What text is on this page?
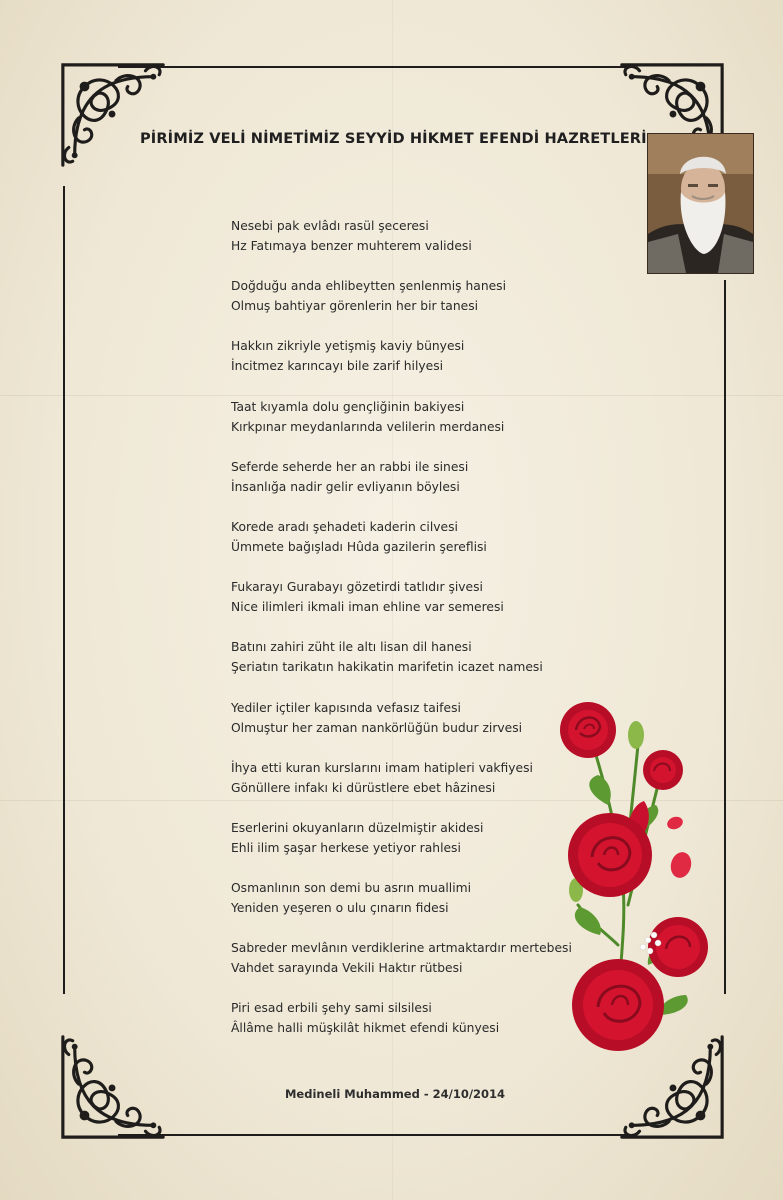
PİRİMİZ VELİ NİMETİMİZ SEYYİD HİKMET EFENDİ HAZRETLERİ
Nesebi pak evlâdı rasül şeceresi
Hz Fatımaya benzer muhterem validesi
Doğduğu anda ehlibeytten şenlenmiş hanesi
Olmuş bahtiyar görenlerin her bir tanesi
Hakkın zikriyle yetişmiş kaviy bünyesi
İncitmez karıncayı bile zarif hilyesi
Taat kıyamla dolu gençliğinin bakiyesi
Kırkpınar meydanlarında velilerin merdanesi
Seferde seherde her an rabbi ile sinesi
İnsanlığa nadir gelir evliyanın böylesi
Korede aradı şehadeti kaderin cilvesi
Ümmete bağışladı Hûda gazilerin şereflisi
Fukarayı Gurabayı gözetirdi tatlıdır şivesi
Nice ilimleri ikmali iman ehline var semeresi
Batını zahiri züht ile altı lisan dil hanesi
Şeriatın tarikatın hakikatin marifetin icazet namesi
Yediler içtiler kapısında vefasız taifesi
Olmuştur her zaman nankörlüğün budur zirvesi
İhya etti kuran kurslarını imam hatipleri vakfiyesi
Gönüllere infakı ki dürüstlere ebet hâzinesi
Eserlerini okuyanların düzelmiştir akidesi
Ehli ilim şaşar herkese yetiyor rahlesi
Osmanlının son demi bu asrın muallimi
Yeniden yeşeren o ulu çınarın fidesi
Sabreder mevlânın verdiklerine artmaktardır mertebesi
Vahdet sarayında Vekili Haktır rütbesi
Piri esad erbili şehy sami silsilesi
Âllâme halli müşkilât hikmet efendi künyesi
Medineli Muhammed - 24/10/2014
